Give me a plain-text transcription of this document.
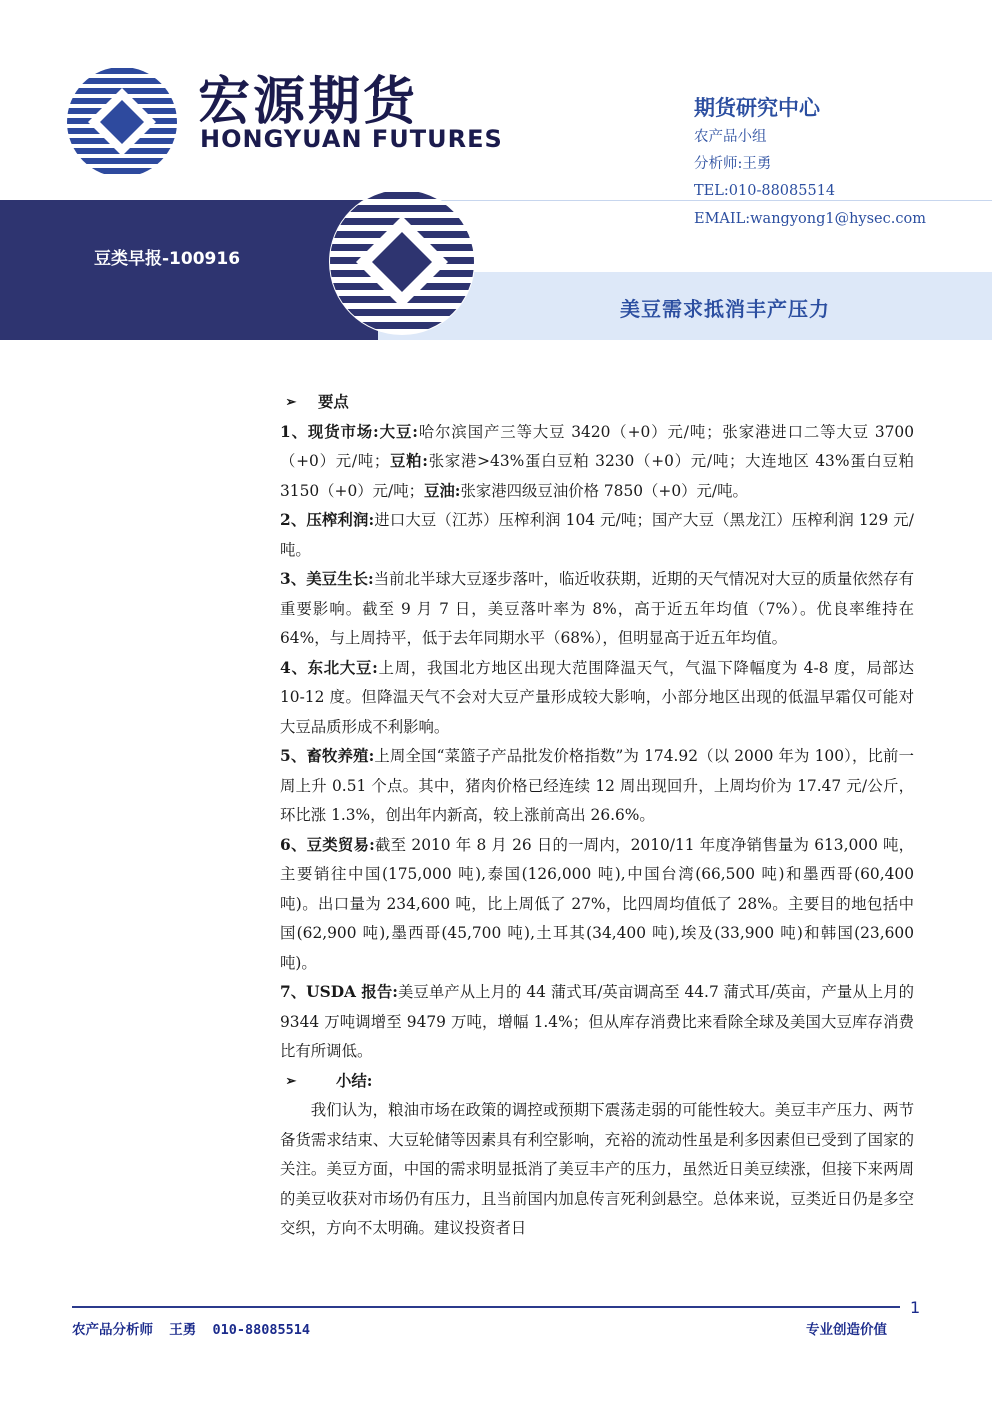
宏源期货
HONGYUAN FUTURES
期货研究中心
农产品小组
分析师:王勇
TEL:010-88085514
EMAIL:wangyong1@hysec.com
豆类早报-100916
美豆需求抵消丰产压力

➢ 要点

1、现货市场:大豆:哈尔滨国产三等大豆 3420（+0）元/吨；张家港进口二等大豆 3700（+0）元/吨；豆粕:张家港>43%蛋白豆粕 3230（+0）元/吨；大连地区 43%蛋白豆粕 3150（+0）元/吨；豆油:张家港四级豆油价格 7850（+0）元/吨。

2、压榨利润:进口大豆（江苏）压榨利润 104 元/吨；国产大豆（黑龙江）压榨利润 129 元/吨。

3、美豆生长:当前北半球大豆逐步落叶，临近收获期，近期的天气情况对大豆的质量依然存有重要影响。截至 9 月 7 日，美豆落叶率为 8%，高于近五年均值（7%）。优良率维持在 64%，与上周持平，低于去年同期水平（68%），但明显高于近五年均值。

4、东北大豆:上周，我国北方地区出现大范围降温天气，气温下降幅度为 4-8 度，局部达 10-12 度。但降温天气不会对大豆产量形成较大影响，小部分地区出现的低温早霜仅可能对大豆品质形成不利影响。

5、畜牧养殖:上周全国“菜篮子产品批发价格指数”为 174.92（以 2000 年为 100），比前一周上升 0.51 个点。其中，猪肉价格已经连续 12 周出现回升，上周均价为 17.47 元/公斤，环比涨 1.3%，创出年内新高，较上涨前高出 26.6%。

6、豆类贸易:截至 2010 年 8 月 26 日的一周内，2010/11 年度净销售量为 613,000 吨，主要销往中国(175,000 吨),泰国(126,000 吨),中国台湾(66,500 吨)和墨西哥(60,400 吨)。出口量为 234,600 吨，比上周低了 27%，比四周均值低了 28%。主要目的地包括中国(62,900 吨),墨西哥(45,700 吨),土耳其(34,400 吨),埃及(33,900 吨)和韩国(23,600 吨)。

7、USDA 报告:美豆单产从上月的 44 蒲式耳/英亩调高至 44.7 蒲式耳/英亩，产量从上月的 9344 万吨调增至 9479 万吨，增幅 1.4%；但从库存消费比来看除全球及美国大豆库存消费比有所调低。

➢	小结:

我们认为，粮油市场在政策的调控或预期下震荡走弱的可能性较大。美豆丰产压力、两节备货需求结束、大豆轮储等因素具有利空影响，充裕的流动性虽是利多因素但已受到了国家的关注。美豆方面，中国的需求明显抵消了美豆丰产的压力，虽然近日美豆续涨，但接下来两周的美豆收获对市场仍有压力，且当前国内加息传言死利剑悬空。总体来说，豆类近日仍是多空交织，方向不太明确。建议投资者日

1
农产品分析师  王勇  010-88085514	专业创造价值
